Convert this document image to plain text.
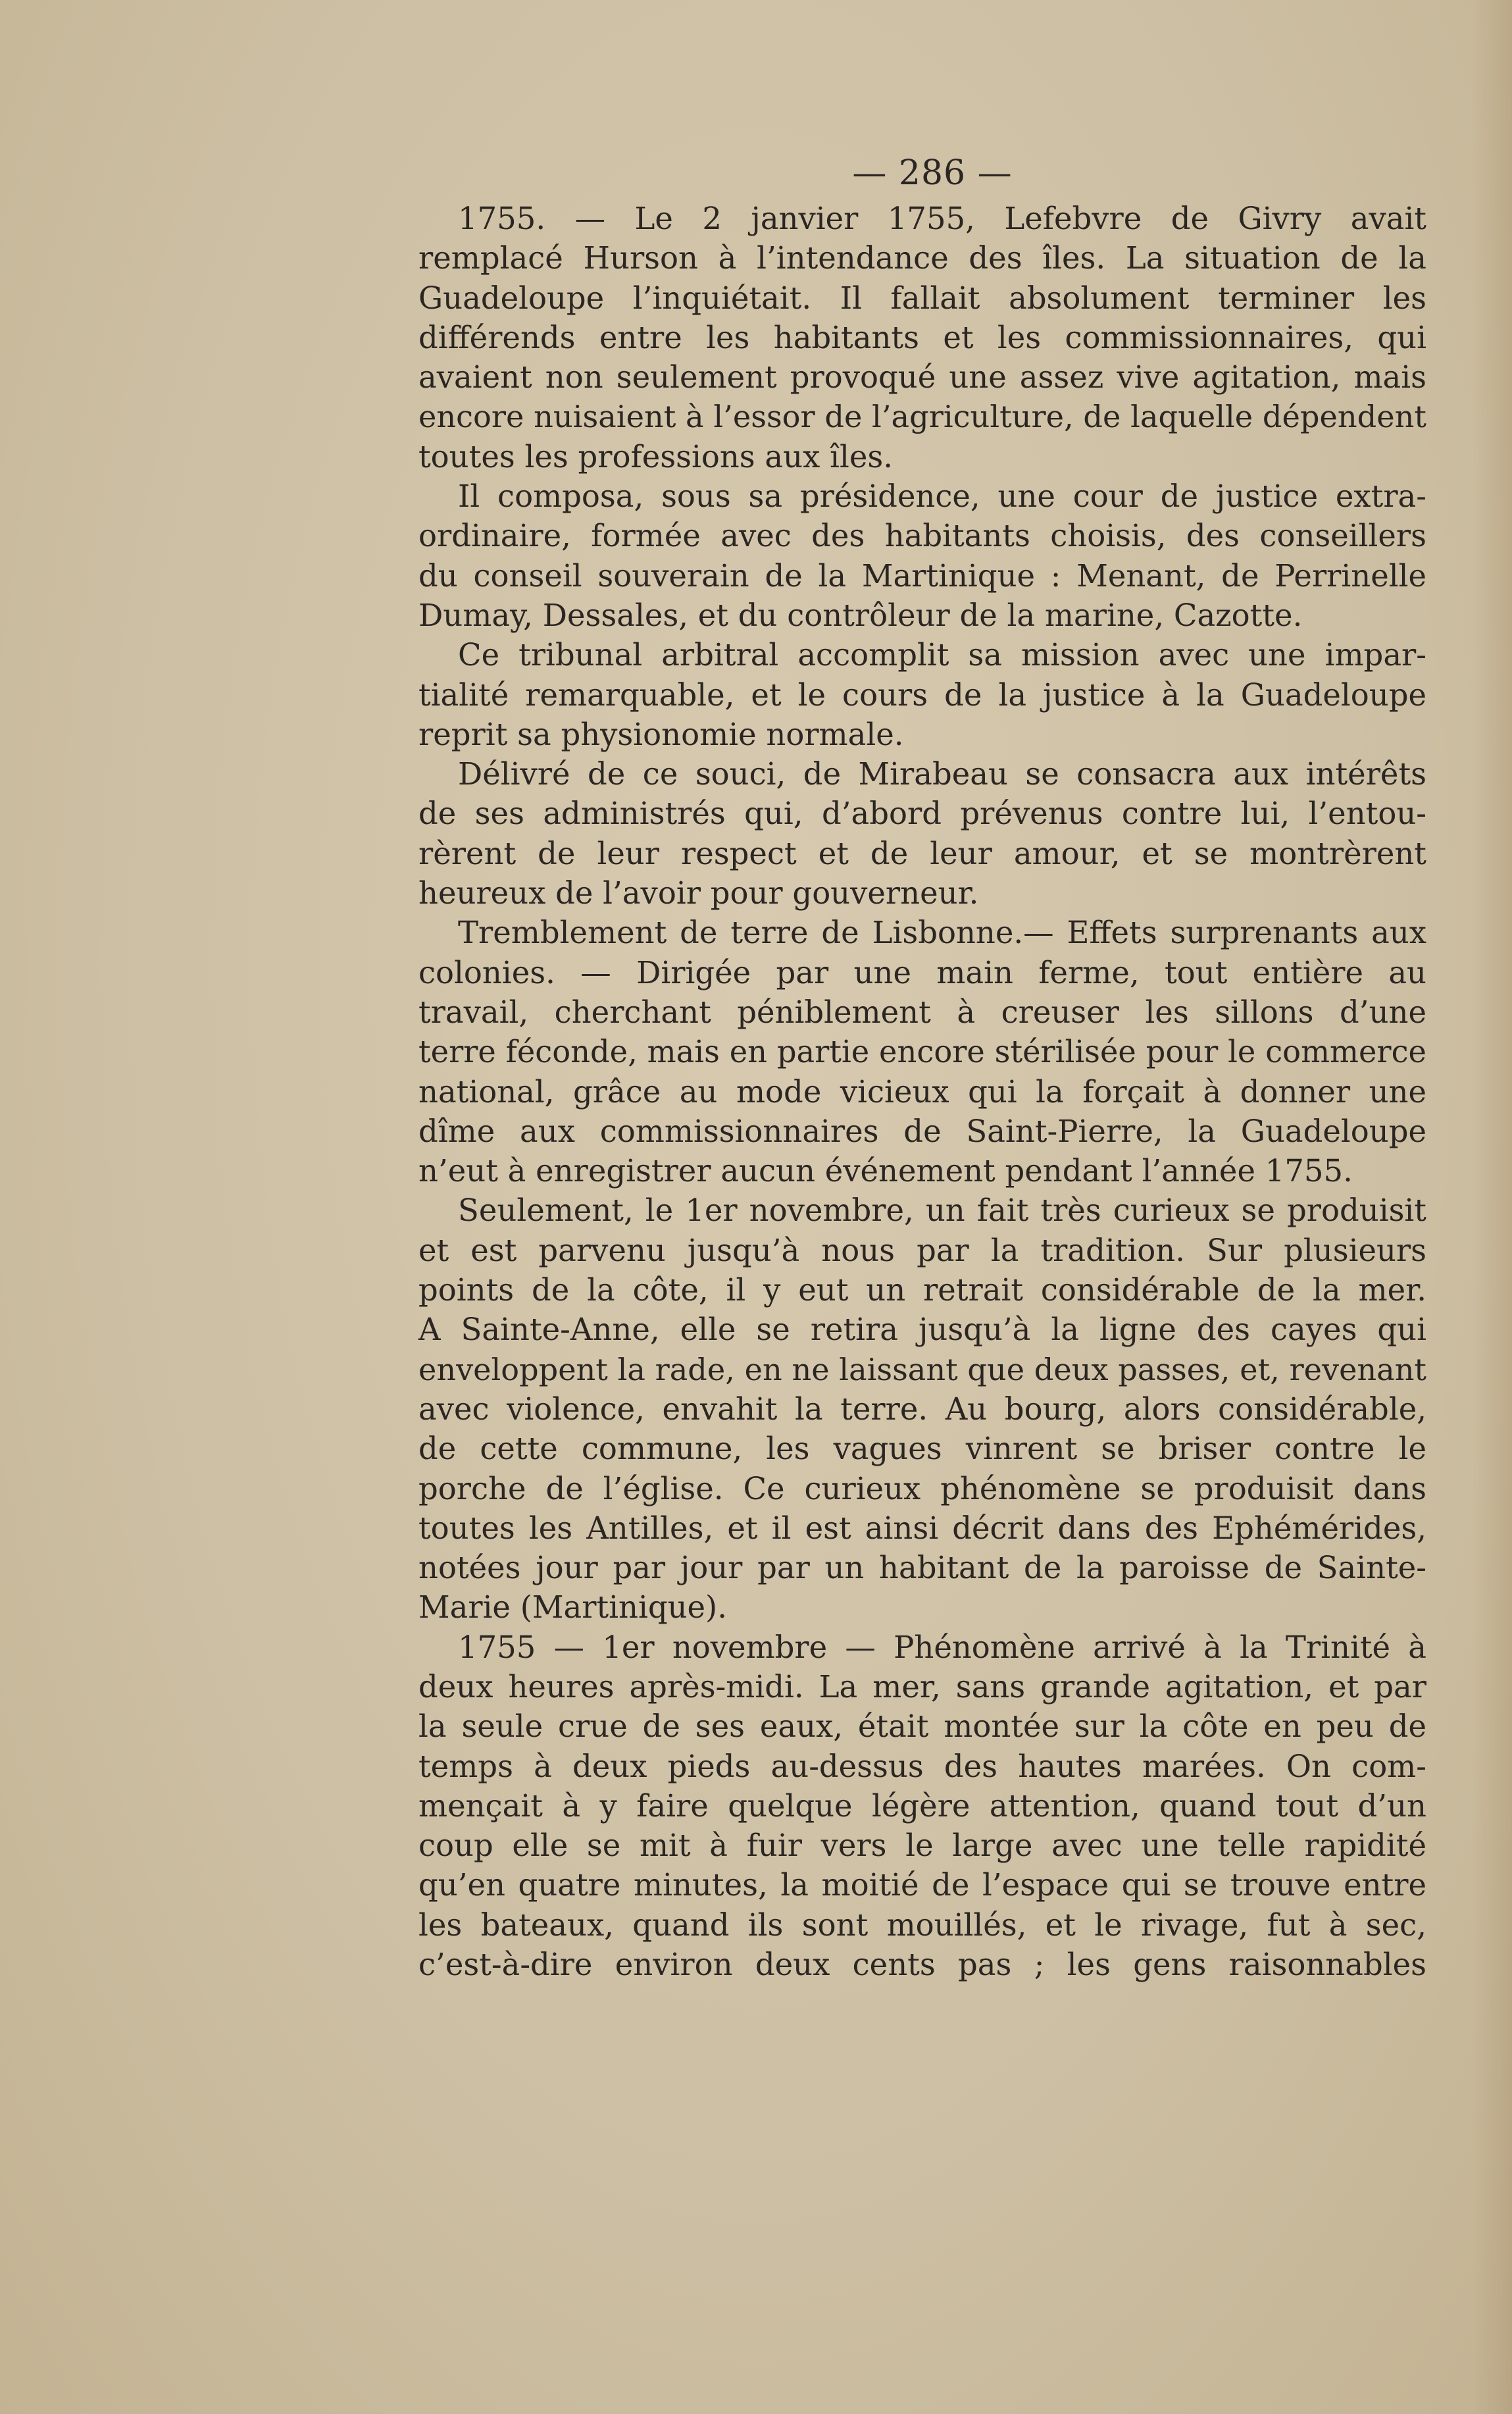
— 286 —
1755. — Le 2 janvier 1755, Lefebvre de Givry avait
remplacé Hurson à l’intendance des îles. La situation de la
Guadeloupe l’inquiétait. Il fallait absolument terminer les
différends entre les habitants et les commissionnaires, qui
avaient non seulement provoqué une assez vive agitation, mais
encore nuisaient à l’essor de l’agriculture, de laquelle dépendent
toutes les professions aux îles.
Il composa, sous sa présidence, une cour de justice extra-
ordinaire, formée avec des habitants choisis, des conseillers
du conseil souverain de la Martinique : Menant, de Perrinelle
Dumay, Dessales, et du contrôleur de la marine, Cazotte.
Ce tribunal arbitral accomplit sa mission avec une impar-
tialité remarquable, et le cours de la justice à la Guadeloupe
reprit sa physionomie normale.
Délivré de ce souci, de Mirabeau se consacra aux intérêts
de ses administrés qui, d’abord prévenus contre lui, l’entou-
rèrent de leur respect et de leur amour, et se montrèrent
heureux de l’avoir pour gouverneur.
Tremblement de terre de Lisbonne.— Effets surprenants aux
colonies. — Dirigée par une main ferme, tout entière au
travail, cherchant péniblement à creuser les sillons d’une
terre féconde, mais en partie encore stérilisée pour le commerce
national, grâce au mode vicieux qui la forçait à donner une
dîme aux commissionnaires de Saint-Pierre, la Guadeloupe
n’eut à enregistrer aucun événement pendant l’année 1755.
Seulement, le 1er novembre, un fait très curieux se produisit
et est parvenu jusqu’à nous par la tradition. Sur plusieurs
points de la côte, il y eut un retrait considérable de la mer.
A Sainte-Anne, elle se retira jusqu’à la ligne des cayes qui
enveloppent la rade, en ne laissant que deux passes, et, revenant
avec violence, envahit la terre. Au bourg, alors considérable,
de cette commune, les vagues vinrent se briser contre le
porche de l’église. Ce curieux phénomène se produisit dans
toutes les Antilles, et il est ainsi décrit dans des Ephémérides,
notées jour par jour par un habitant de la paroisse de Sainte-
Marie (Martinique).
1755 — 1er novembre — Phénomène arrivé à la Trinité à
deux heures après-midi. La mer, sans grande agitation, et par
la seule crue de ses eaux, était montée sur la côte en peu de
temps à deux pieds au-dessus des hautes marées. On com-
mençait à y faire quelque légère attention, quand tout d’un
coup elle se mit à fuir vers le large avec une telle rapidité
qu’en quatre minutes, la moitié de l’espace qui se trouve entre
les bateaux, quand ils sont mouillés, et le rivage, fut à sec,
c’est-à-dire environ deux cents pas ; les gens raisonnables
